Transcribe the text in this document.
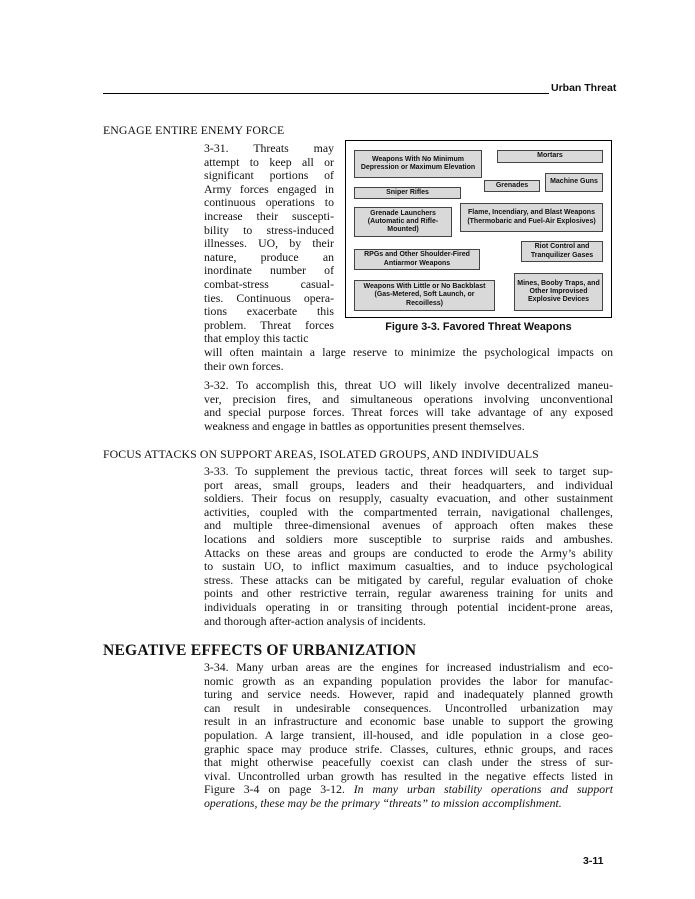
Urban Threat
ENGAGE ENTIRE ENEMY FORCE
3-31. Threats may
attempt to keep all or
significant portions of
Army forces engaged in
continuous operations to
increase their suscepti-
bility to stress-induced
illnesses. UO, by their
nature, produce an
inordinate number of
combat-stress casual-
ties. Continuous opera-
tions exacerbate this
problem. Threat forces
that employ this tactic
will often maintain a large reserve to minimize the psychological impacts on
their own forces.
Weapons With No Minimum Depression or Maximum Elevation
Mortars
Machine Guns
Grenades
Sniper Rifles
Grenade Launchers (Automatic and Rifle-Mounted)
Flame, Incendiary, and Blast Weapons (Thermobaric and Fuel-Air Explosives)
Riot Control and Tranquilizer Gases
RPGs and Other Shoulder-Fired Antiarmor Weapons
Weapons With Little or No Backblast (Gas-Metered, Soft Launch, or Recoilless)
Mines, Booby Traps, and Other Improvised Explosive Devices
Figure 3-3. Favored Threat Weapons
3-32. To accomplish this, threat UO will likely involve decentralized maneu-
ver, precision fires, and simultaneous operations involving unconventional
and special purpose forces. Threat forces will take advantage of any exposed
weakness and engage in battles as opportunities present themselves.
FOCUS ATTACKS ON SUPPORT AREAS, ISOLATED GROUPS, AND INDIVIDUALS
3-33. To supplement the previous tactic, threat forces will seek to target sup-
port areas, small groups, leaders and their headquarters, and individual
soldiers. Their focus on resupply, casualty evacuation, and other sustainment
activities, coupled with the compartmented terrain, navigational challenges,
and multiple three-dimensional avenues of approach often makes these
locations and soldiers more susceptible to surprise raids and ambushes.
Attacks on these areas and groups are conducted to erode the Army’s ability
to sustain UO, to inflict maximum casualties, and to induce psychological
stress. These attacks can be mitigated by careful, regular evaluation of choke
points and other restrictive terrain, regular awareness training for units and
individuals operating in or transiting through potential incident-prone areas,
and thorough after-action analysis of incidents.
NEGATIVE EFFECTS OF URBANIZATION
3-34. Many urban areas are the engines for increased industrialism and eco-
nomic growth as an expanding population provides the labor for manufac-
turing and service needs. However, rapid and inadequately planned growth
can result in undesirable consequences. Uncontrolled urbanization may
result in an infrastructure and economic base unable to support the growing
population. A large transient, ill-housed, and idle population in a close geo-
graphic space may produce strife. Classes, cultures, ethnic groups, and races
that might otherwise peacefully coexist can clash under the stress of sur-
vival. Uncontrolled urban growth has resulted in the negative effects listed in
Figure 3-4 on page 3-12. In many urban stability operations and support
operations, these may be the primary “threats” to mission accomplishment.
3-11
